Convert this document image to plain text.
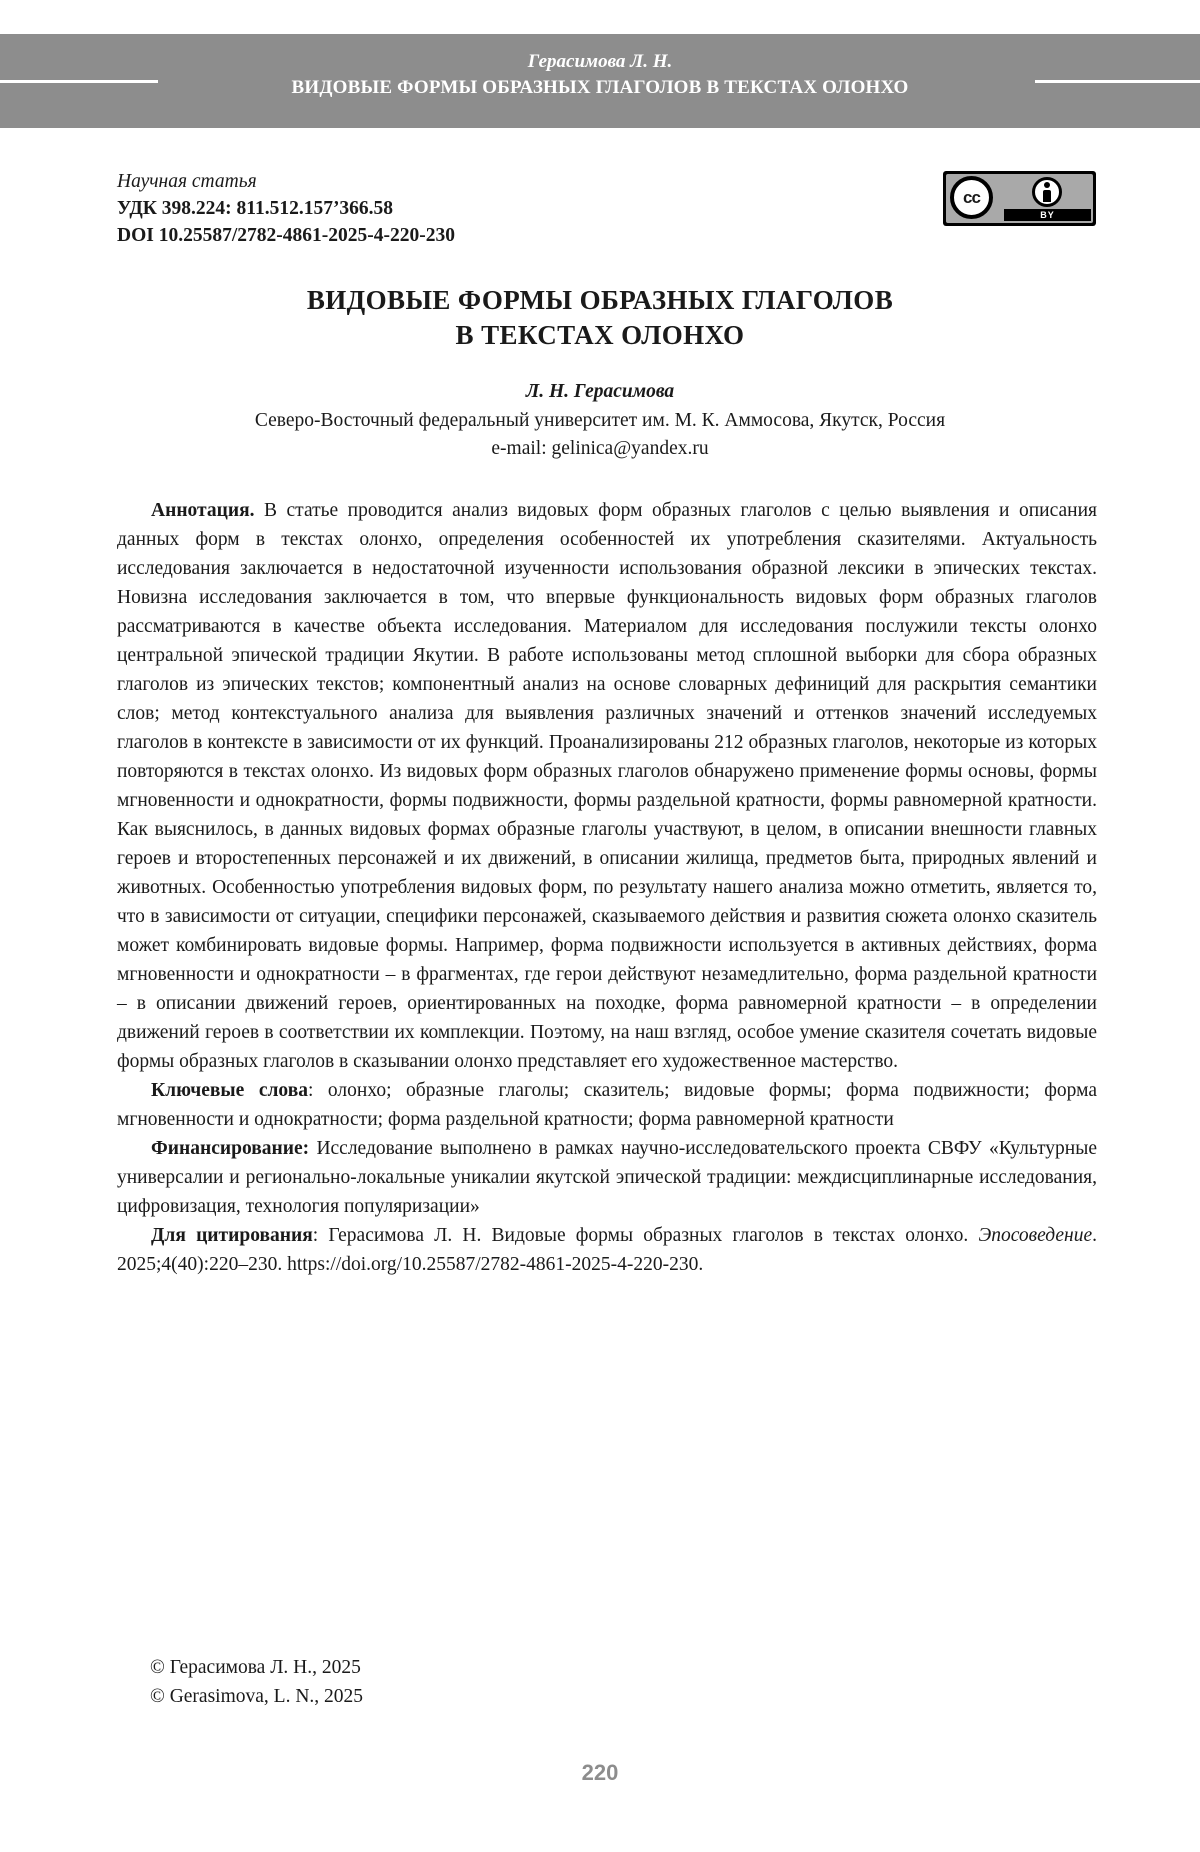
Герасимова Л. Н.
ВИДОВЫЕ ФОРМЫ ОБРАЗНЫХ ГЛАГОЛОВ В ТЕКСТАХ ОЛОНХО
Научная статья
УДК 398.224: 811.512.157’366.58
DOI 10.25587/2782-4861-2025-4-220-230
cc
BY
ВИДОВЫЕ ФОРМЫ ОБРАЗНЫХ ГЛАГОЛОВ
В ТЕКСТАХ ОЛОНХО
Л. Н. Герасимова
Северо-Восточный федеральный университет им. М. К. Аммосова, Якутск, Россия
e-mail: gelinica@yandex.ru

Аннотация. В статье проводится анализ видовых форм образных глаголов с целью выявления и описания данных форм в текстах олонхо, определения особенностей их употребления сказителями. Актуальность исследования заключается в недостаточной изученности использования образной лексики в эпических текстах. Новизна исследования заключается в том, что впервые функциональность видовых форм образных глаголов рассматриваются в качестве объекта исследования. Материалом для исследования послужили тексты олонхо центральной эпической традиции Якутии. В работе использованы метод сплошной выборки для сбора образных глаголов из эпических текстов; компонентный анализ на основе словарных дефиниций для раскрытия семантики слов; метод контекстуального анализа для выявления различных значений и оттенков значений исследуемых глаголов в контексте в зависимости от их функций. Проанализированы 212 образных глаголов, некоторые из которых повторяются в текстах олонхо. Из видовых форм образных глаголов обнаружено применение формы основы, формы мгновенности и однократности, формы подвижности, формы раздельной кратности, формы равномерной кратности. Как выяснилось, в данных видовых формах образные глаголы участвуют, в целом, в описании внешности главных героев и второстепенных персонажей и их движений, в описании жилища, предметов быта, природных явлений и животных. Особенностью употребления видовых форм, по результату нашего анализа можно отметить, является то, что в зависимости от ситуации, специфики персонажей, сказываемого действия и развития сюжета олонхо сказитель может комбинировать видовые формы. Например, форма подвижности используется в активных действиях, форма мгновенности и однократности – в фрагментах, где герои действуют незамедлительно, форма раздельной кратности – в описании движений героев, ориентированных на походке, форма равномерной кратности – в определении движений героев в соответствии их комплекции. Поэтому, на наш взгляд, особое умение сказителя сочетать видовые формы образных глаголов в сказывании олонхо представляет его художественное мастерство.

Ключевые слова: олонхо; образные глаголы; сказитель; видовые формы; форма подвижности; форма мгновенности и однократности; форма раздельной кратности; форма равномерной кратности

Финансирование: Исследование выполнено в рамках научно-исследовательского проекта СВФУ «Культурные универсалии и регионально-локальные уникалии якутской эпической традиции: междисциплинарные исследования, цифровизация, технология популяризации»

Для цитирования: Герасимова Л. Н. Видовые формы образных глаголов в текстах олонхо. Эпосоведение. 2025;4(40):220–230. https://doi.org/10.25587/2782-4861-2025-4-220-230.

© Герасимова Л. Н., 2025
© Gerasimova, L. N., 2025
220
